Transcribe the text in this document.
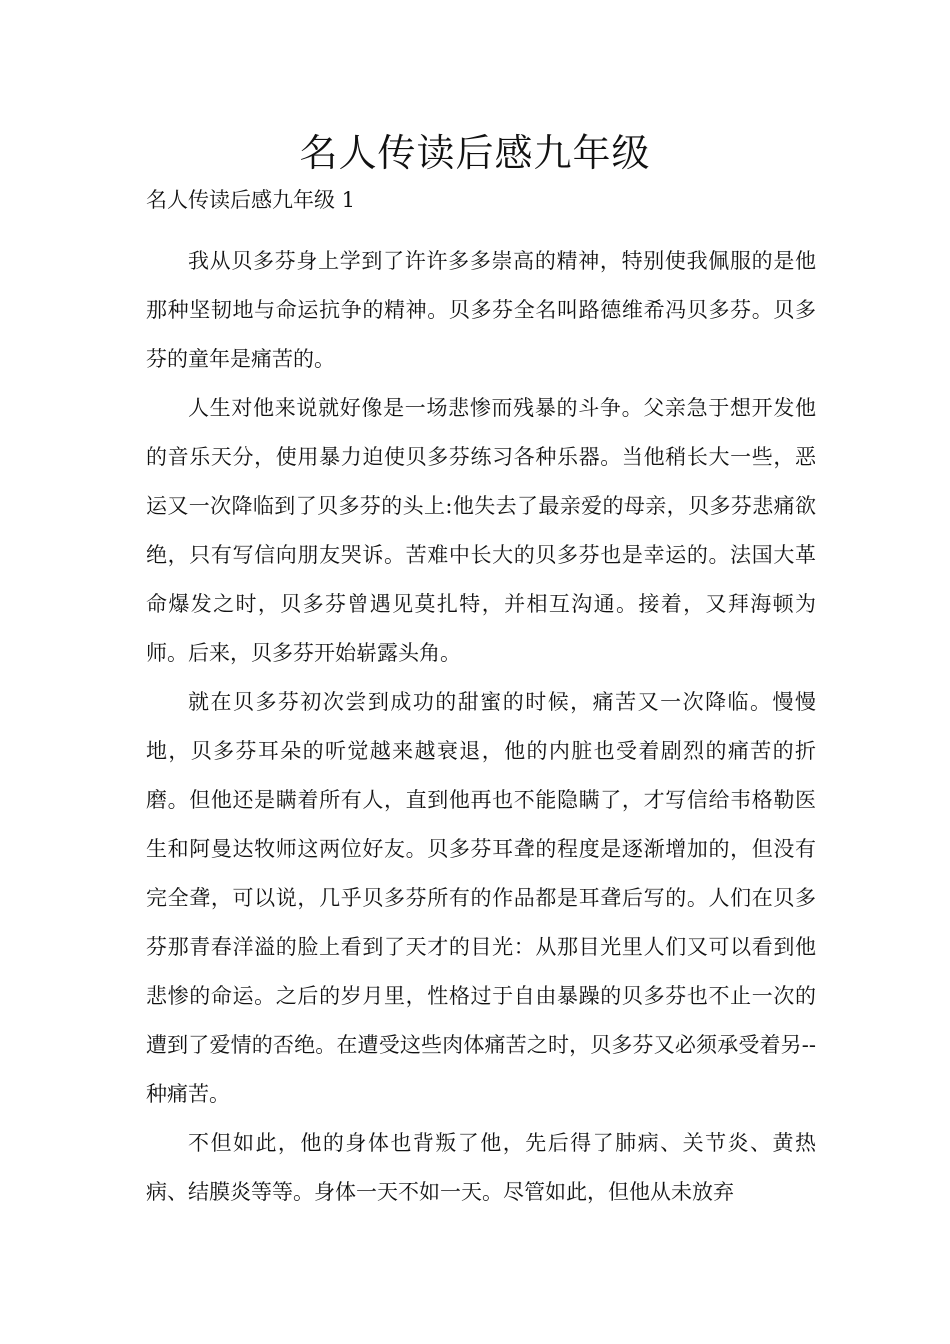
名人传读后感九年级

名人传读后感九年级 1

我从贝多芬身上学到了许许多多崇高的精神，特别使我佩服的是他那种坚韧地与命运抗争的精神。贝多芬全名叫路德维希冯贝多芬。贝多芬的童年是痛苦的。

人生对他来说就好像是一场悲惨而残暴的斗争。父亲急于想开发他的音乐天分，使用暴力迫使贝多芬练习各种乐器。当他稍长大一些，恶运又一次降临到了贝多芬的头上:他失去了最亲爱的母亲，贝多芬悲痛欲绝，只有写信向朋友哭诉。苦难中长大的贝多芬也是幸运的。法国大革命爆发之时，贝多芬曾遇见莫扎特，并相互沟通。接着，又拜海顿为师。后来，贝多芬开始崭露头角。

就在贝多芬初次尝到成功的甜蜜的时候，痛苦又一次降临。慢慢地，贝多芬耳朵的听觉越来越衰退，他的内脏也受着剧烈的痛苦的折磨。但他还是瞒着所有人，直到他再也不能隐瞒了，才写信给韦格勒医生和阿曼达牧师这两位好友。贝多芬耳聋的程度是逐渐增加的，但没有完全聋，可以说，几乎贝多芬所有的作品都是耳聋后写的。人们在贝多芬那青春洋溢的脸上看到了天才的目光：从那目光里人们又可以看到他悲惨的命运。之后的岁月里，性格过于自由暴躁的贝多芬也不止一次的遭到了爱情的否绝。在遭受这些肉体痛苦之时，贝多芬又必须承受着另--种痛苦。

不但如此，他的身体也背叛了他，先后得了肺病、关节炎、黄热病、结膜炎等等。身体一天不如一天。尽管如此，但他从未放弃
